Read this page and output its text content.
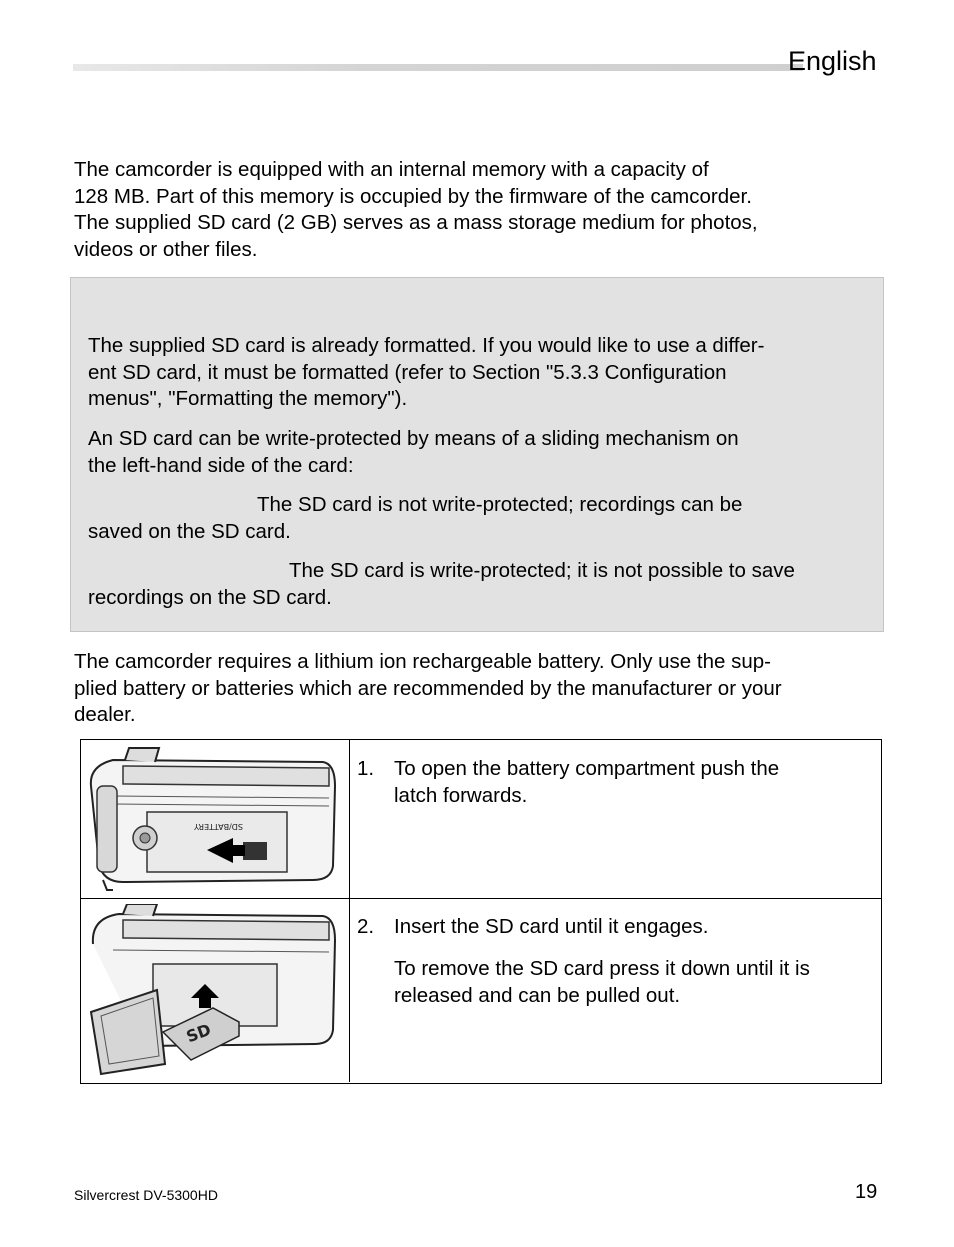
English
The camcorder is equipped with an internal memory with a capacity of
128 MB. Part of this memory is occupied by the firmware of the camcorder.
The supplied SD card (2 GB) serves as a mass storage medium for photos,
videos or other files.
The supplied SD card is already formatted. If you would like to use a differ-
ent SD card, it must be formatted (refer to Section "5.3.3 Configuration
menus", "Formatting the memory").
An SD card can be write-protected by means of a sliding mechanism on
the left-hand side of the card:
The SD card is not write-protected; recordings can be
saved on the SD card.
The SD card is write-protected; it is not possible to save
recordings on the SD card.
The camcorder requires a lithium ion rechargeable battery. Only use the sup-
plied battery or batteries which are recommended by the manufacturer or your
dealer.
SD/BATTERY
1. To open the battery compartment push the
latch forwards.
SD
2. Insert the SD card until it engages.
To remove the SD card press it down until it is
released and can be pulled out.
Silvercrest DV-5300HD	19
